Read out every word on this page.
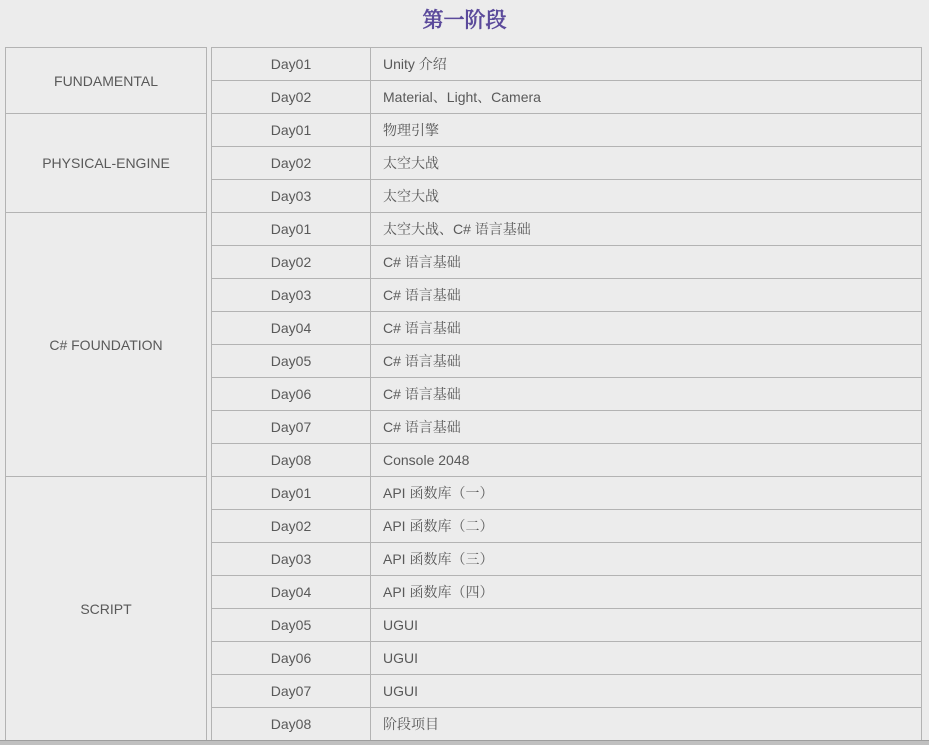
第一阶段
FUNDAMENTAL
Day01	Unity 介绍
Day02	Material、Light、Camera
PHYSICAL-ENGINE
Day01	物理引擎
Day02	太空大战
Day03	太空大战
C# FOUNDATION
Day01	太空大战、C# 语言基础
Day02	C# 语言基础
Day03	C# 语言基础
Day04	C# 语言基础
Day05	C# 语言基础
Day06	C# 语言基础
Day07	C# 语言基础
Day08	Console 2048
SCRIPT
Day01	API 函数库（一）
Day02	API 函数库（二）
Day03	API 函数库（三）
Day04	API 函数库（四）
Day05	UGUI
Day06	UGUI
Day07	UGUI
Day08	阶段项目
